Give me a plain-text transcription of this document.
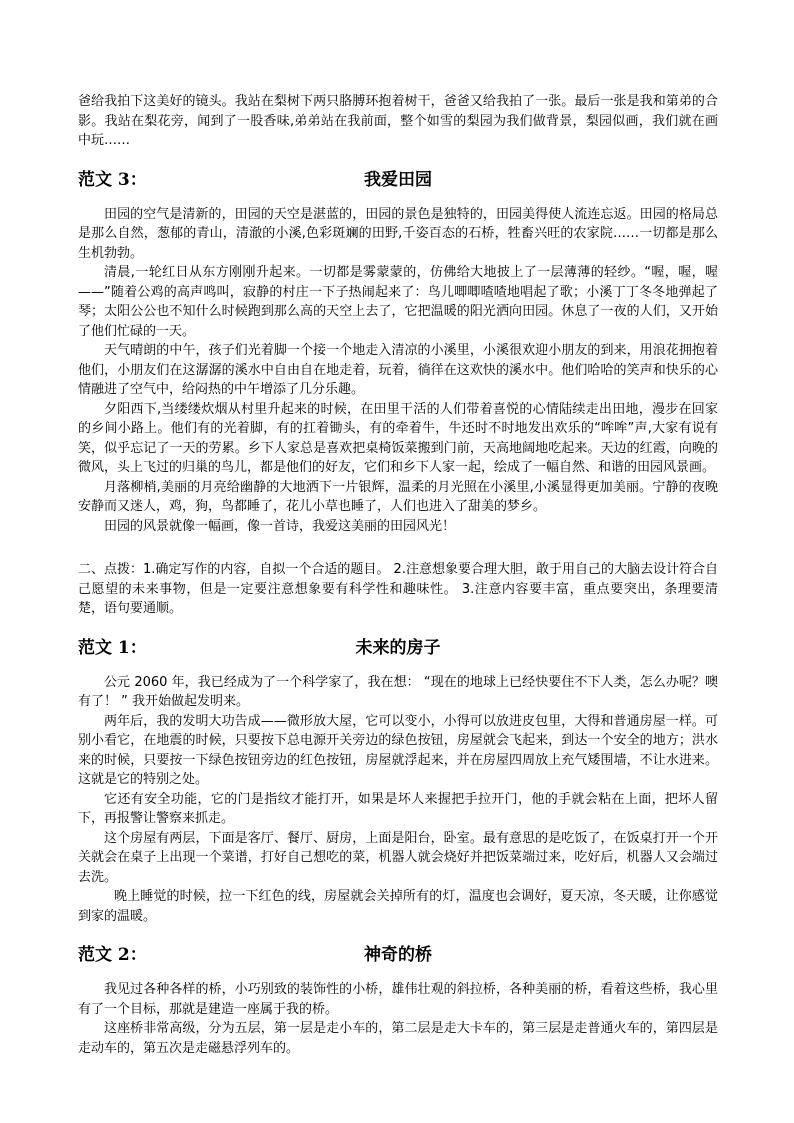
爸给我拍下这美好的镜头。我站在梨树下两只胳膊环抱着树干，爸爸又给我拍了一张。最后一张是我和第弟的合影。我站在梨花旁，闻到了一股香味,弟弟站在我前面，整个如雪的梨园为我们做背景，梨园似画，我们就在画中玩……

范文 3：	我爱田园

田园的空气是清新的，田园的天空是湛蓝的，田园的景色是独特的，田园美得使人流连忘返。田园的格局总是那么自然，葱郁的青山，清澈的小溪,色彩斑斓的田野,千姿百态的石桥，牲畜兴旺的农家院……一切都是那么生机勃勃。

清晨,一轮红日从东方刚刚升起来。一切都是雾蒙蒙的，仿佛给大地披上了一层薄薄的轻纱。“喔，喔，喔——”随着公鸡的高声鸣叫，寂静的村庄一下子热闹起来了：鸟儿唧唧喳喳地唱起了歌；小溪丁丁冬冬地弹起了琴；太阳公公也不知什么时候跑到那么高的天空上去了，它把温暖的阳光洒向田园。休息了一夜的人们，又开始了他们忙碌的一天。

天气晴朗的中午，孩子们光着脚一个接一个地走入清凉的小溪里，小溪很欢迎小朋友的到来，用浪花拥抱着他们，小朋友们在这潺潺的溪水中自由自在地走着，玩着，徜徉在这欢快的溪水中。他们哈哈的笑声和快乐的心情融进了空气中，给闷热的中午增添了几分乐趣。

夕阳西下,当缕缕炊烟从村里升起来的时候，在田里干活的人们带着喜悦的心情陆续走出田地，漫步在回家的乡间小路上。他们有的光着脚，有的扛着锄头，有的牵着牛，牛还时不时地发出欢乐的“哞哞”声,大家有说有笑，似乎忘记了一天的劳累。乡下人家总是喜欢把桌椅饭菜搬到门前，天高地阔地吃起来。天边的红霞，向晚的微风，头上飞过的归巢的鸟儿，都是他们的好友，它们和乡下人家一起，绘成了一幅自然、和谐的田园风景画。

月落柳梢,美丽的月亮给幽静的大地洒下一片银辉，温柔的月光照在小溪里,小溪显得更加美丽。宁静的夜晚安静而又迷人，鸡，狗，鸟都睡了，花儿小草也睡了，人们也进入了甜美的梦乡。

田园的风景就像一幅画，像一首诗，我爱这美丽的田园风光！

二、点拨：1.确定写作的内容，自拟一个合适的题目。 2.注意想象要合理大胆，敢于用自己的大脑去设计符合自己愿望的未来事物，但是一定要注意想象要有科学性和趣味性。 3.注意内容要丰富，重点要突出，条理要清楚，语句要通顺。

范文 1：	未来的房子

公元 2060 年，我已经成为了一个科学家了，我在想： “现在的地球上已经快要住不下人类，怎么办呢？噢有了！ ” 我开始做起发明来。

两年后，我的发明大功告成——微形放大屋，它可以变小，小得可以放进皮包里，大得和普通房屋一样。可别小看它，在地震的时候，只要按下总电源开关旁边的绿色按钮，房屋就会飞起来，到达一个安全的地方；洪水来的时候，只要按一下绿色按钮旁边的红色按钮，房屋就浮起来，并在房屋四周放上充气矮围墙，不让水进来。这就是它的特别之处。

它还有安全功能，它的门是指纹才能打开，如果是坏人来握把手拉开门，他的手就会粘在上面，把坏人留下，再报警让警察来抓走。

这个房屋有两层，下面是客厅、餐厅、厨房，上面是阳台，卧室。最有意思的是吃饭了，在饭桌打开一个开关就会在桌子上出现一个菜谱，打好自己想吃的菜，机器人就会烧好并把饭菜端过来，吃好后，机器人又会端过去洗。

晚上睡觉的时候，拉一下红色的线，房屋就会关掉所有的灯，温度也会调好，夏天凉，冬天暖，让你感觉到家的温暖。

范文 2：	神奇的桥

我见过各种各样的桥，小巧别致的装饰性的小桥，雄伟壮观的斜拉桥，各种美丽的桥，看着这些桥，我心里有了一个目标，那就是建造一座属于我的桥。

这座桥非常高级，分为五层，第一层是走小车的，第二层是走大卡车的，第三层是走普通火车的，第四层是走动车的，第五次是走磁悬浮列车的。
